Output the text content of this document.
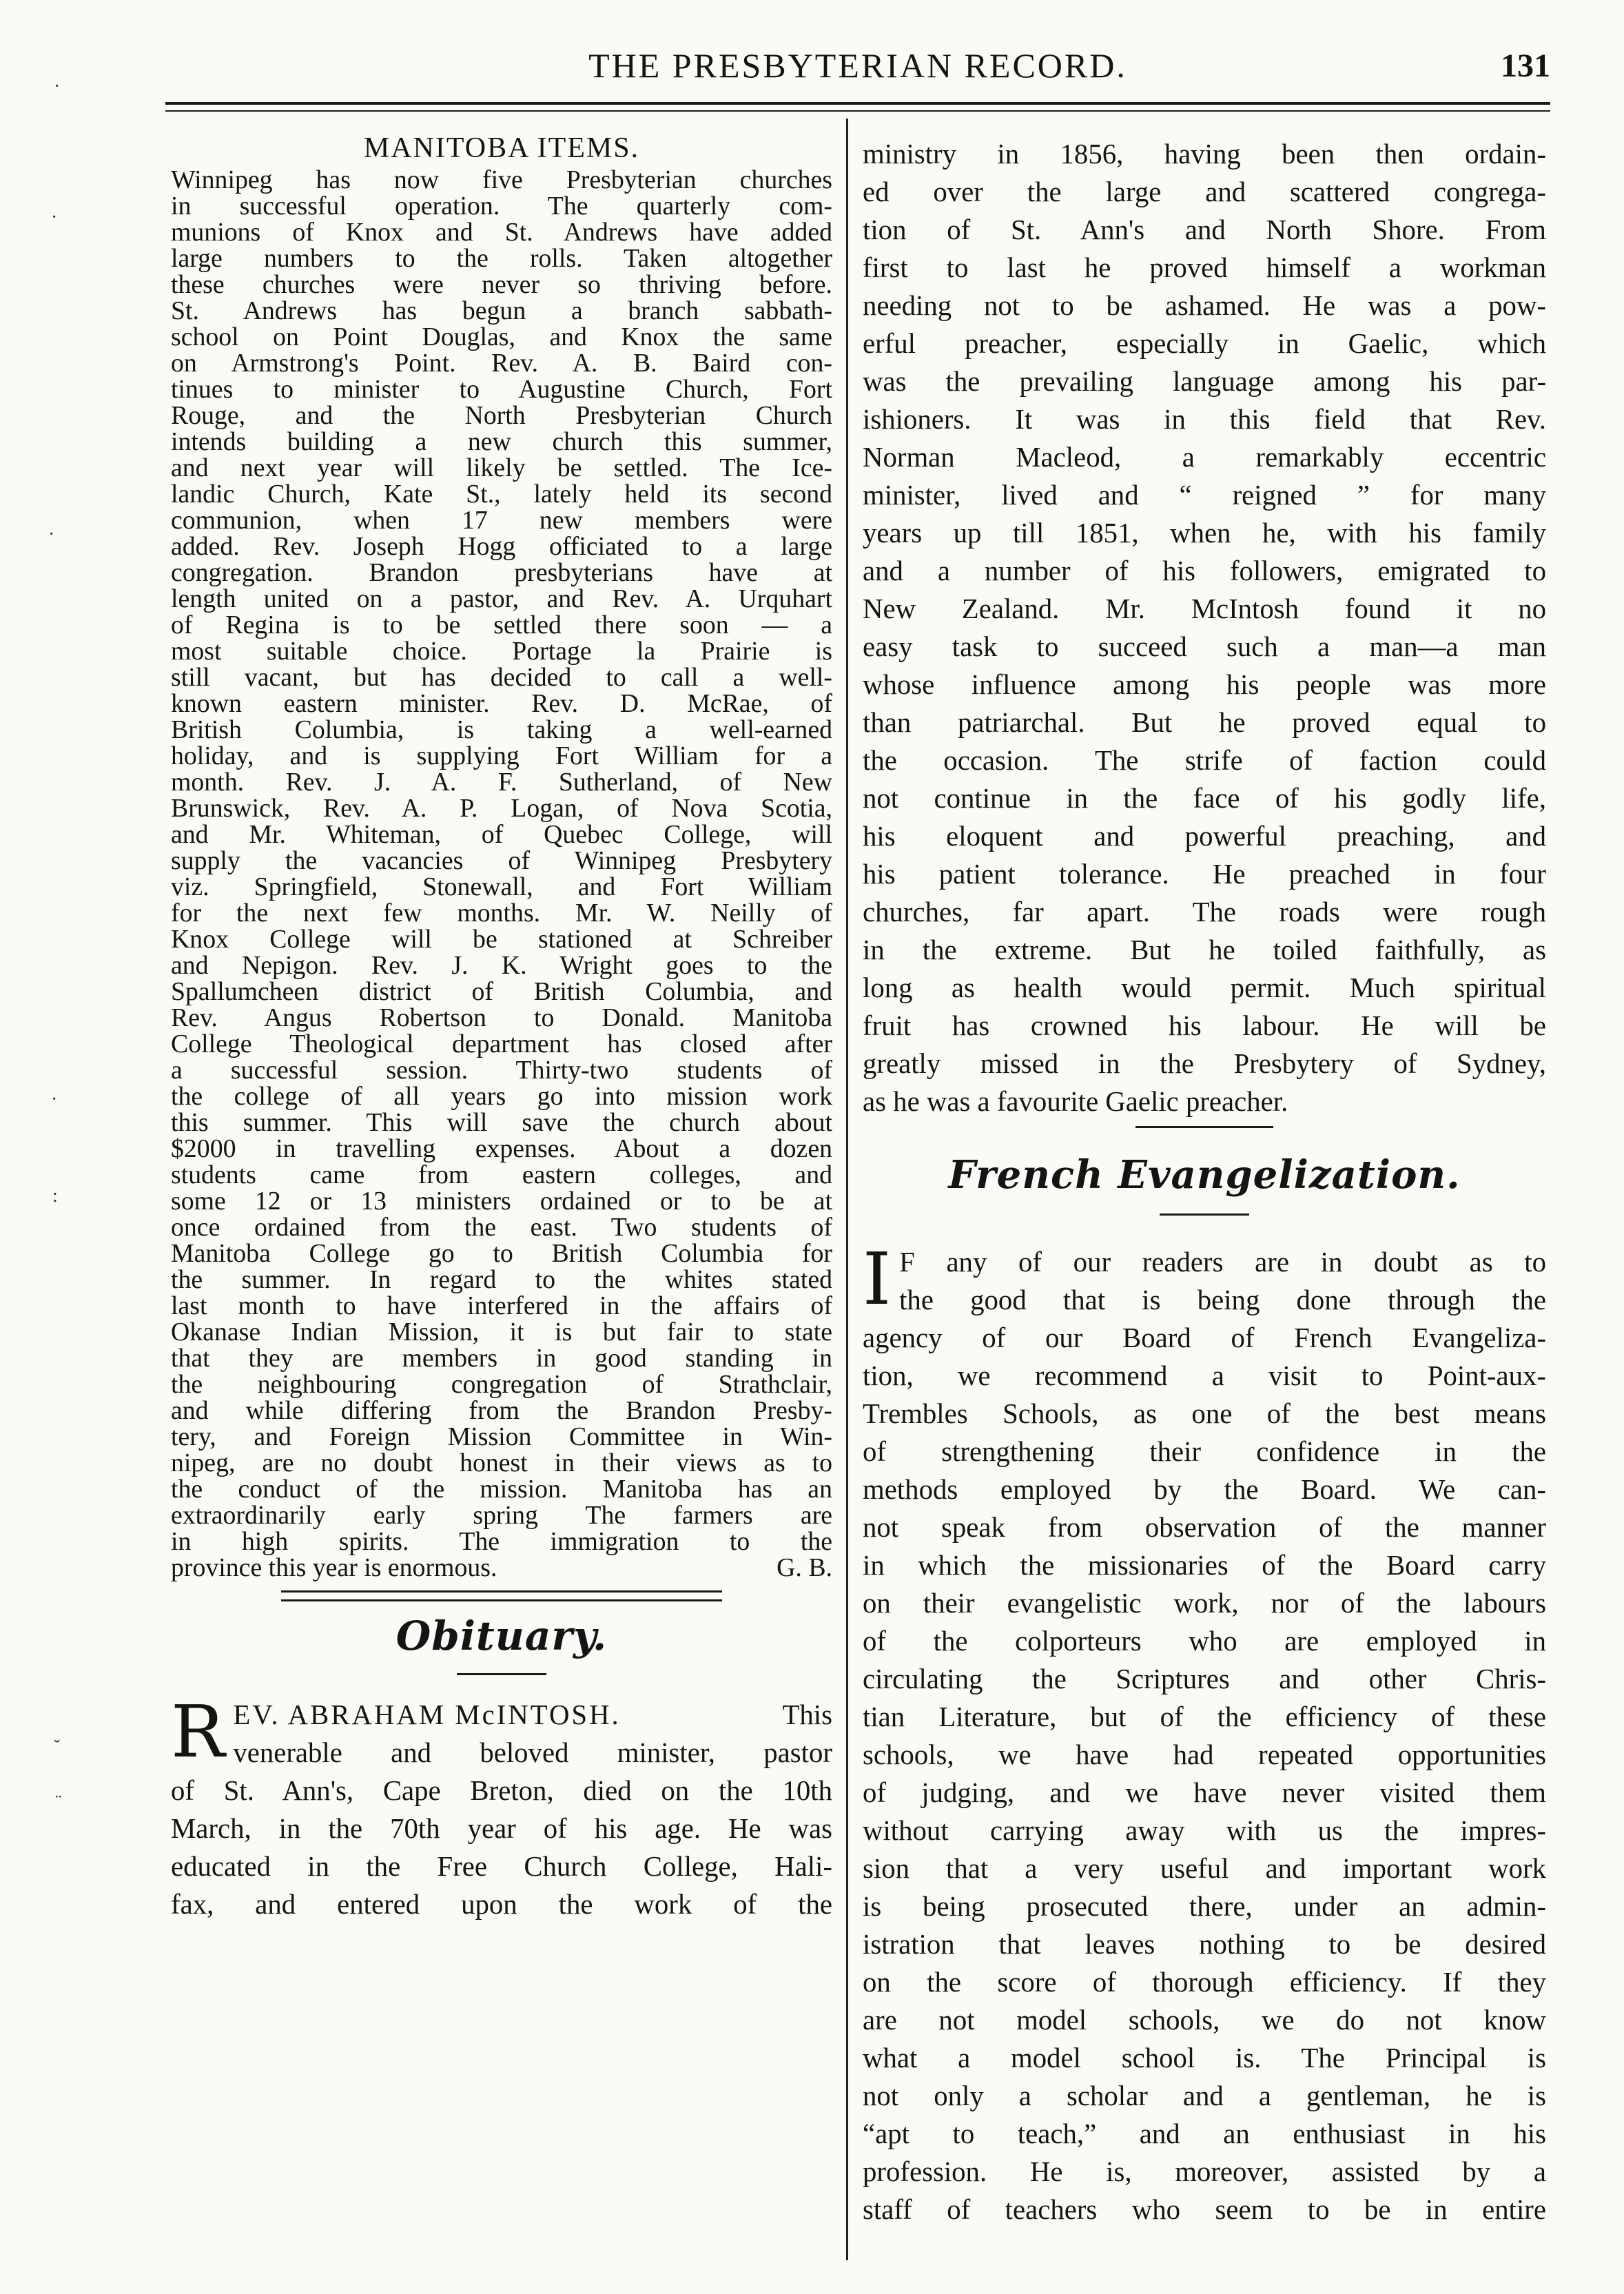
THE PRESBYTERIAN RECORD.	131
·
·
·
·
:
˘
¨
MANITOBA ITEMS.
Winnipeg has now five Presbyterian churches
in successful operation. The quarterly com-
munions of Knox and St. Andrews have added
large numbers to the rolls. Taken altogether
these churches were never so thriving before.
St. Andrews has begun a branch sabbath-
school on Point Douglas, and Knox the same
on Armstrong's Point. Rev. A. B. Baird con-
tinues to minister to Augustine Church, Fort
Rouge, and the North Presbyterian Church
intends building a new church this summer,
and next year will likely be settled. The Ice-
landic Church, Kate St., lately held its second
communion, when 17 new members were
added. Rev. Joseph Hogg officiated to a large
congregation. Brandon presbyterians have at
length united on a pastor, and Rev. A. Urquhart
of Regina is to be settled there soon — a
most suitable choice. Portage la Prairie is
still vacant, but has decided to call a well-
known eastern minister. Rev. D. McRae, of
British Columbia, is taking a well-earned
holiday, and is supplying Fort William for a
month. Rev. J. A. F. Sutherland, of New
Brunswick, Rev. A. P. Logan, of Nova Scotia,
and Mr. Whiteman, of Quebec College, will
supply the vacancies of Winnipeg Presbytery
viz. Springfield, Stonewall, and Fort William
for the next few months. Mr. W. Neilly of
Knox College will be stationed at Schreiber
and Nepigon. Rev. J. K. Wright goes to the
Spallumcheen district of British Columbia, and
Rev. Angus Robertson to Donald. Manitoba
College Theological department has closed after
a successful session. Thirty-two students of
the college of all years go into mission work
this summer. This will save the church about
$2000 in travelling expenses. About a dozen
students came from eastern colleges, and
some 12 or 13 ministers ordained or to be at
once ordained from the east. Two students of
Manitoba College go to British Columbia for
the summer. In regard to the whites stated
last month to have interfered in the affairs of
Okanase Indian Mission, it is but fair to state
that they are members in good standing in
the neighbouring congregation of Strathclair,
and while differing from the Brandon Presby-
tery, and Foreign Mission Committee in Win-
nipeg, are no doubt honest in their views as to
the conduct of the mission. Manitoba has an
extraordinarily early spring The farmers are
in high spirits. The immigration to the
province this year is enormous.	G. B.
Obituary.
R EV. ABRAHAM McINTOSH.	This
venerable and beloved minister, pastor
of St. Ann's, Cape Breton, died on the 10th
March, in the 70th year of his age. He was
educated in the Free Church College, Hali-
fax, and entered upon the work of the
ministry in 1856, having been then ordain-
ed over the large and scattered congrega-
tion of St. Ann's and North Shore. From
first to last he proved himself a workman
needing not to be ashamed. He was a pow-
erful preacher, especially in Gaelic, which
was the prevailing language among his par-
ishioners. It was in this field that Rev.
Norman Macleod, a remarkably eccentric
minister, lived and “ reigned ” for many
years up till 1851, when he, with his family
and a number of his followers, emigrated to
New Zealand. Mr. McIntosh found it no
easy task to succeed such a man—a man
whose influence among his people was more
than patriarchal. But he proved equal to
the occasion. The strife of faction could
not continue in the face of his godly life,
his eloquent and powerful preaching, and
his patient tolerance. He preached in four
churches, far apart. The roads were rough
in the extreme. But he toiled faithfully, as
long as health would permit. Much spiritual
fruit has crowned his labour. He will be
greatly missed in the Presbytery of Sydney,
as he was a favourite Gaelic preacher.
French Evangelization.
I F any of our readers are in doubt as to
the good that is being done through the
agency of our Board of French Evangeliza-
tion, we recommend a visit to Point-aux-
Trembles Schools, as one of the best means
of strengthening their confidence in the
methods employed by the Board. We can-
not speak from observation of the manner
in which the missionaries of the Board carry
on their evangelistic work, nor of the labours
of the colporteurs who are employed in
circulating the Scriptures and other Chris-
tian Literature, but of the efficiency of these
schools, we have had repeated opportunities
of judging, and we have never visited them
without carrying away with us the impres-
sion that a very useful and important work
is being prosecuted there, under an admin-
istration that leaves nothing to be desired
on the score of thorough efficiency. If they
are not model schools, we do not know
what a model school is. The Principal is
not only a scholar and a gentleman, he is
“apt to teach,” and an enthusiast in his
profession. He is, moreover, assisted by a
staff of teachers who seem to be in entire
